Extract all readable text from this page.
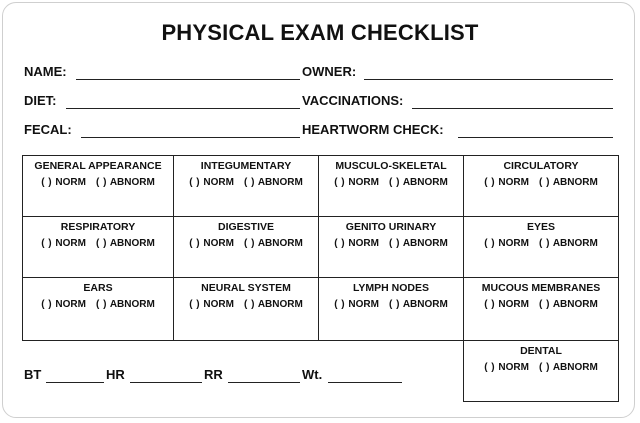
PHYSICAL EXAM CHECKLIST
NAME:	OWNER:
DIET:	VACCINATIONS:
FECAL:	HEARTWORM CHECK:
GENERAL APPEARANCE
( ) NORM ( ) ABNORM
INTEGUMENTARY
( ) NORM ( ) ABNORM
MUSCULO-SKELETAL
( ) NORM ( ) ABNORM
CIRCULATORY
( ) NORM ( ) ABNORM
RESPIRATORY
( ) NORM ( ) ABNORM
DIGESTIVE
( ) NORM ( ) ABNORM
GENITO URINARY
( ) NORM ( ) ABNORM
EYES
( ) NORM ( ) ABNORM
EARS
( ) NORM ( ) ABNORM
NEURAL SYSTEM
( ) NORM ( ) ABNORM
LYMPH NODES
( ) NORM ( ) ABNORM
MUCOUS MEMBRANES
( ) NORM ( ) ABNORM
DENTAL
( ) NORM ( ) ABNORM
BT	HR	RR	Wt.
